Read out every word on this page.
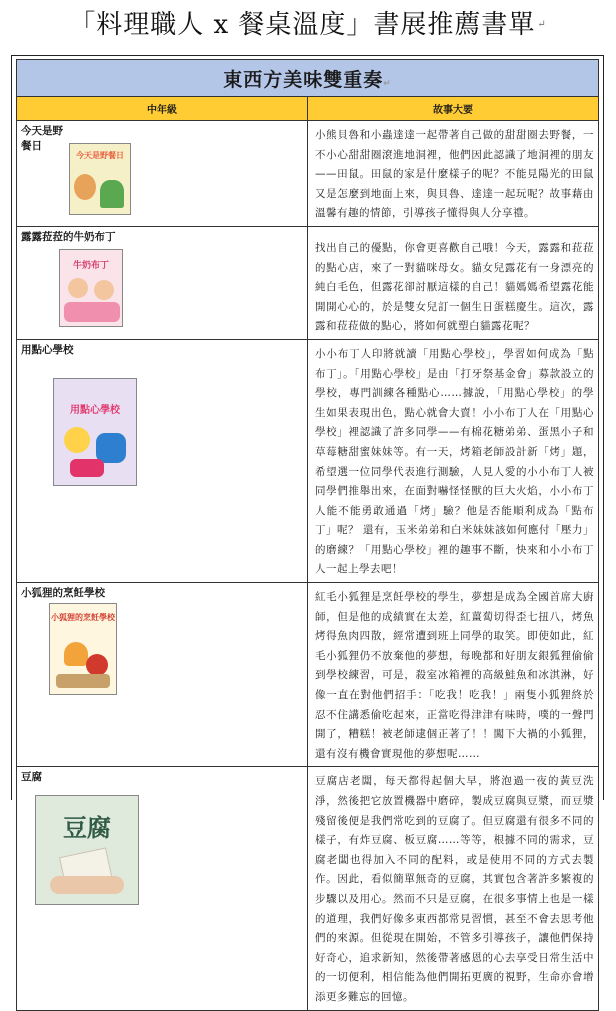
「料理職人 x 餐桌溫度」書展推薦書單 ↵
東西方美味雙重奏↵	
中年級	故事大要

今天是野餐日
今天是野餐日	小熊貝魯和小蟲達達一起帶著自己做的甜甜圈去野餐，一不小心甜甜圈滾進地洞裡，他們因此認識了地洞裡的朋友——田鼠。田鼠的家是什麼樣子的呢？不能見陽光的田鼠又是怎麼到地面上來，與貝魯、達達一起玩呢？故事藉由溫馨有趣的情節，引導孩子懂得與人分享禮。

露露菈菈的牛奶布丁
牛奶布丁	找出自己的優點，你會更喜歡自己哦！今天，露露和菈菈的點心店，來了一對貓咪母女。貓女兒露花有一身漂亮的純白毛色，但露花卻討厭這樣的自己！貓媽媽希望露花能開開心心的，於是雙女兒訂一個生日蛋糕慶生。這次，露露和菈菈做的點心，將如何就塑白貓露花呢？

用點心學校
用點心學校	小小布丁人印將就讀「用點心學校」，學習如何成為「點布丁」。「用點心學校」是由「打牙祭基金會」募款設立的學校，專門訓練各種點心……據說，「用點心學校」的學生如果表現出色，點心就會大賣！小小布丁人在「用點心學校」裡認識了許多同學——有棉花糖弟弟、蛋黑小子和草莓糖甜蜜妹妹等。有一天，烤箱老師設計新「烤」題，希望選一位同學代表進行測驗，人見人愛的小小布丁人被同學們推舉出來，在面對嚇怪怪獸的巨大火焰，小小布丁人能不能勇敢通過「烤」驗？他是否能順利成為「點布丁」呢？ 還有，玉米弟弟和白米妹妹該如何應付「壓力」的磨練？「用點心學校」裡的趣事不斷，快來和小小布丁人一起上學去吧！

小狐狸的烹飪學校
小狐狸的烹飪學校	紅毛小狐狸是烹飪學校的學生，夢想是成為全國首席大廚師，但是他的成績實在太差，紅薑蔔切得歪七扭八，烤魚烤得魚肉四散，經常遭到班上同學的取笑。即使如此，紅毛小狐狸仍不放棄他的夢想，每晚都和好朋友銀狐狸偷偷到學校練習，可是，殺室冰箱裡的高級鮭魚和冰淇淋，好像一直在對他們招手：「吃我！吃我！」兩隻小狐狸終於忍不住講悉偷吃起來，正當吃得津津有味時，噗的一聲門開了，糟糕！被老師逮個正著了！！闖下大禍的小狐狸，還有沒有機會實現他的夢想呢……

豆腐
豆腐	豆腐店老闆，每天都得起個大早，將泡過一夜的黃豆洗淨，然後把它放置機器中磨碎，製成豆腐與豆漿，而豆漿殘留後便是我們常吃到的豆腐了。但豆腐還有很多不同的樣子，有炸豆腐、板豆腐……等等，根據不同的需求，豆腐老闆也得加入不同的配料，或是使用不同的方式去製作。因此，看似簡單無奇的豆腐，其實包含著許多繁複的步驟以及用心。然而不只是豆腐，在很多事情上也是一樣的道理，我們好像多東西都常見習慣，甚至不會去思考他們的來源。但從現在開始，不管多引導孩子，讓他們保持好奇心，追求新知，然後帶著感恩的心去享受日常生活中的一切便利，相信能為他們開拓更廣的視野，生命亦會增添更多難忘的回憶。
